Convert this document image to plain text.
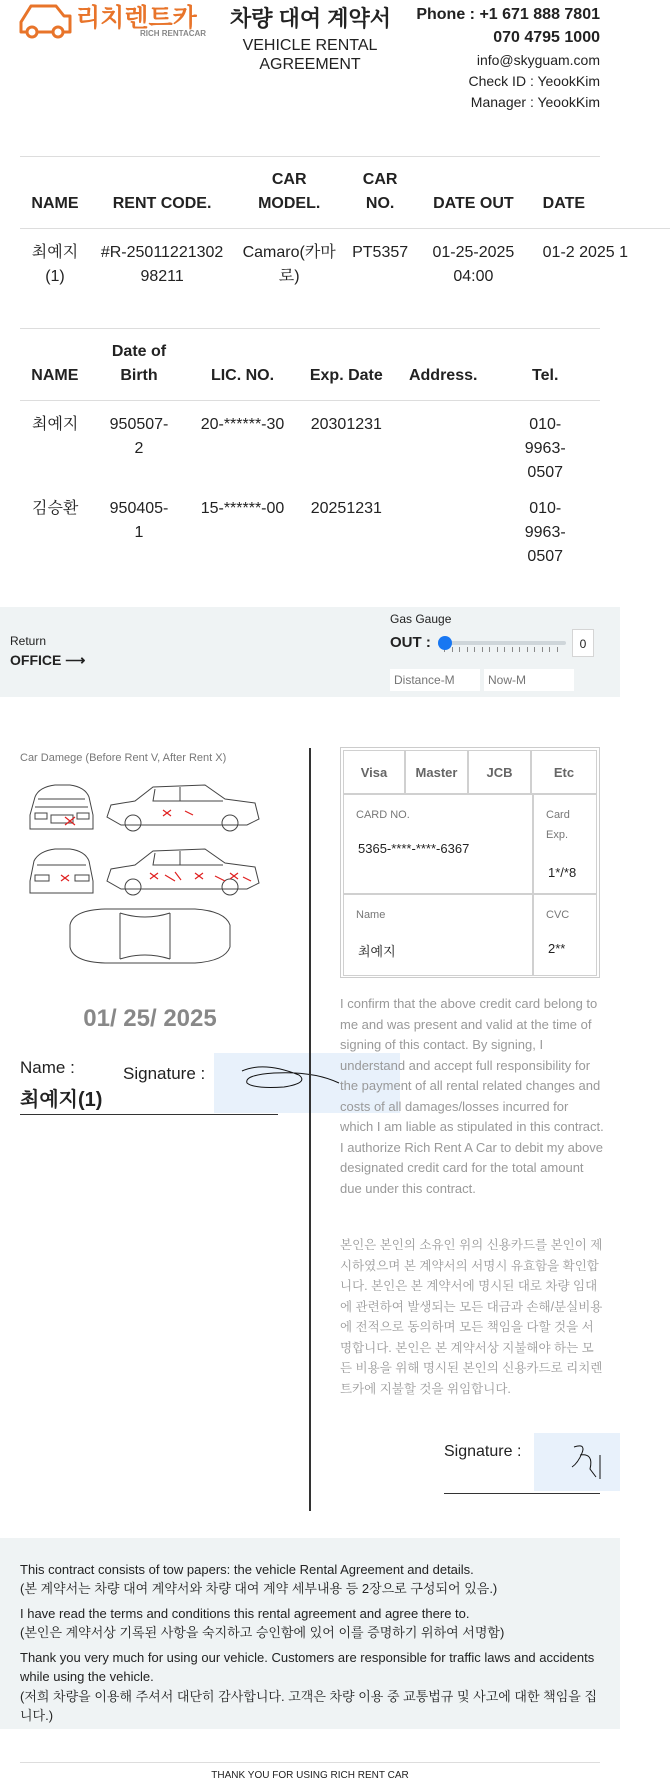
리치렌트카
RICH RENTACAR
차량 대여 계약서
VEHICLE RENTAL AGREEMENT
Phone : +1 671 888 7801
070 4795 1000
info@skyguam.com
Check ID : YeookKim
Manager : YeookKim
NAME	RENT CODE.	CAR MODEL.	CAR NO.	DATE OUT	DATE
최예지 (1)	#R-2501122130298211	Camaro(카마로)	PT5357	01-25-2025 04:00	01-2 2025 1
NAME	Date of Birth	LIC. NO.	Exp. Date	Address.	Tel.
최예지	950507-2	20-******-30	20301231		010-9963-0507
김승환	950405-1	15-******-00	20251231		010-9963-0507
Return
OFFICE ⟶
Gas Gauge
OUT :	0
Distance-M
Now-M
Car Damege (Before Rent V, After Rent X)
01/ 25/ 2025
Name :	Signature :
최예지(1)
Visa	Master	JCB	Etc
CARD NO.
5365-****-****-6367
Card Exp.
1*/*8
Name
최예지
CVC
2**
I confirm that the above credit card belong to me and was present and valid at the time of signing of this contact. By signing, I understand and accept full responsibility for the payment of all rental related changes and costs of all damages/losses incurred for which I am liable as stipulated in this contract. I authorize Rich Rent A Car to debit my above designated credit card for the total amount due under this contract.
본인은 본인의 소유인 위의 신용카드를 본인이 제시하였으며 본 계약서의 서명시 유효함을 확인합니다. 본인은 본 계약서에 명시된 대로 차량 임대에 관련하여 발생되는 모든 대금과 손해/분실비용에 전적으로 동의하며 모든 책임을 다할 것을 서명합니다. 본인은 본 계약서상 지불해야 하는 모든 비용을 위해 명시된 본인의 신용카드로 리치렌트카에 지불할 것을 위임합니다.
Signature :

This contract consists of tow papers: the vehicle Rental Agreement and details.

(본 계약서는 차량 대여 계약서와 차량 대여 계약 세부내용 등 2장으로 구성되어 있음.)

I have read the terms and conditions this rental agreement and agree there to.

(본인은 계약서상 기록된 사항을 숙지하고 승인함에 있어 이를 증명하기 위하여 서명함)

Thank you very much for using our vehicle. Customers are responsible for traffic laws and accidents while using the vehicle.

(저희 차량을 이용해 주셔서 대단히 감사합니다. 고객은 차량 이용 중 교통법규 및 사고에 대한 책임을 집니다.)

THANK YOU FOR USING RICH RENT CAR
